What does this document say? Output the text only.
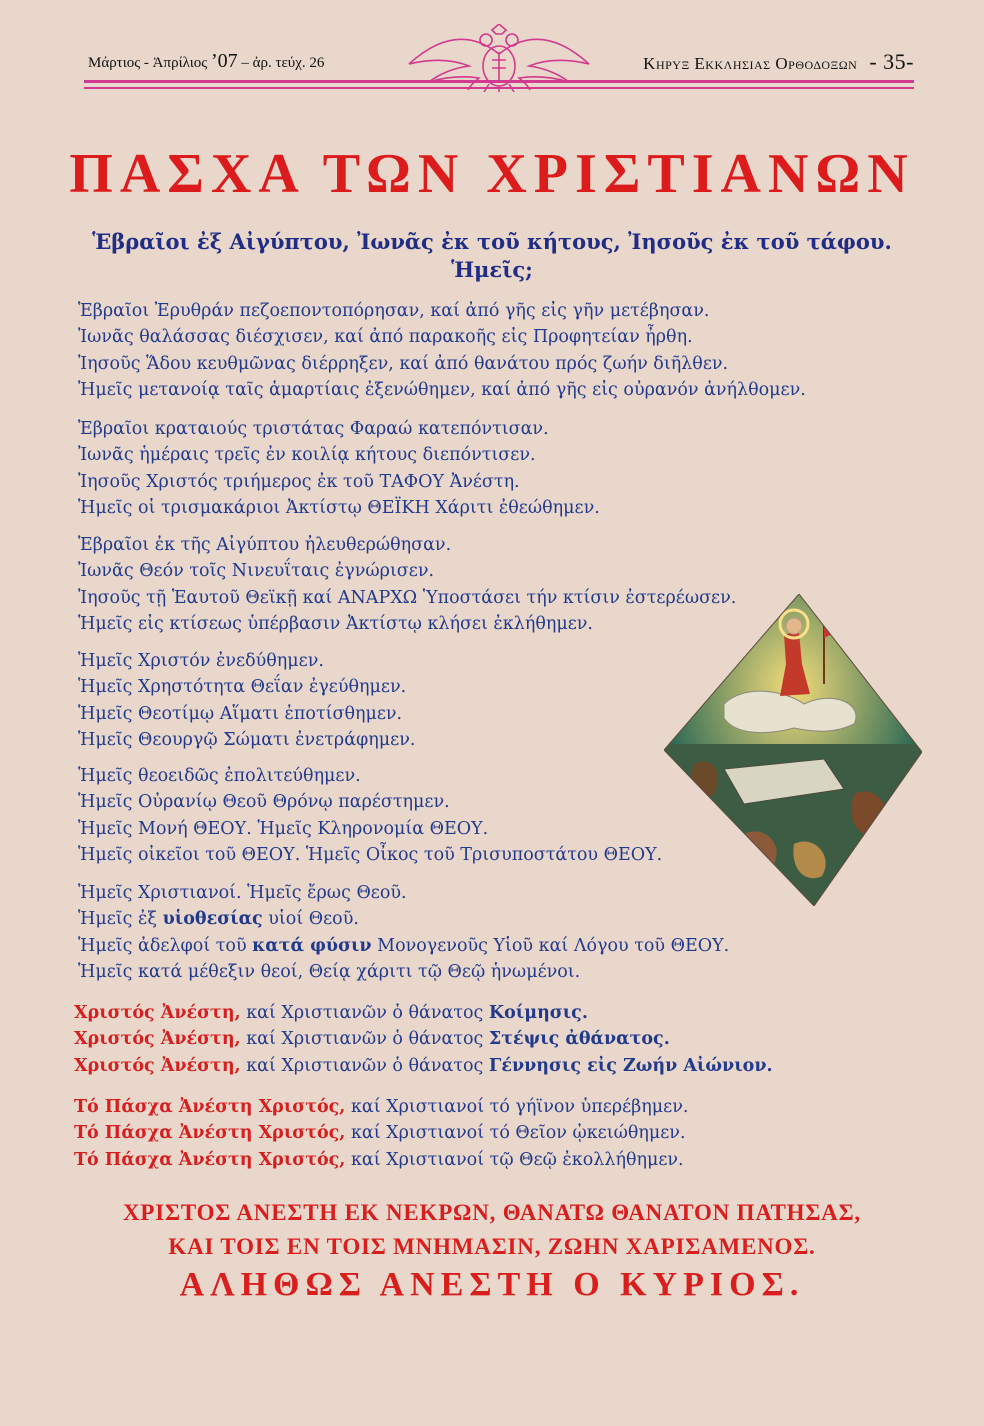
Μάρτιος - Ἀπρίλιος ’07 – ἀρ. τεύχ. 26	Κηρυξ Εκκλησιας Ορθοδοξων - 35-
ΠΑΣΧΑ ΤΩΝ ΧΡΙΣΤΙΑΝΩΝ
Ἑβραῖοι ἐξ Αἰγύπτου, Ἰωνᾶς ἐκ τοῦ κήτους, Ἰησοῦς ἐκ τοῦ τάφου.
Ἡμεῖς;
Ἑβραῖοι Ἐρυθράν πεζοεποντοπόρησαν, καί ἀπό γῆς εἰς γῆν μετέβησαν.
Ἰωνᾶς θαλάσσας διέσχισεν, καί ἀπό παρακοῆς εἰς Προφητείαν ἦρθη.
Ἰησοῦς Ἅδου κευθμῶνας διέρρηξεν, καί ἀπό θανάτου πρός ζωήν διῆλθεν.
Ἡμεῖς μετανοίᾳ ταῖς ἁμαρτίαις ἐξενώθημεν, καί ἀπό γῆς εἰς οὐρανόν ἀνήλθομεν.
Ἑβραῖοι κραταιούς τριστάτας Φαραώ κατεπόντισαν.
Ἰωνᾶς ἡμέραις τρεῖς ἐν κοιλίᾳ κήτους διεπόντισεν.
Ἰησοῦς Χριστός τριήμερος ἐκ τοῦ ΤΑΦΟΥ Ἀνέστη.
Ἡμεῖς οἱ τρισμακάριοι Ἀκτίστῳ ΘΕΪΚΗ Χάριτι ἐθεώθημεν.
Ἑβραῖοι ἐκ τῆς Αἰγύπτου ἠλευθερώθησαν.
Ἰωνᾶς Θεόν τοῖς Νινευΐταις ἐγνώρισεν.
Ἰησοῦς τῇ Ἑαυτοῦ Θεϊκῇ καί ΑΝΑΡΧΩ Ὑποστάσει τήν κτίσιν ἐστερέωσεν.
Ἡμεῖς εἰς κτίσεως ὑπέρβασιν Ἀκτίστῳ κλήσει ἐκλήθημεν.
Ἡμεῖς Χριστόν ἐνεδύθημεν.
Ἡμεῖς Χρηστότητα Θεΐαν ἐγεύθημεν.
Ἡμεῖς Θεοτίμῳ Αἵματι ἐποτίσθημεν.
Ἡμεῖς Θεουργῷ Σώματι ἐνετράφημεν.
Ἡμεῖς θεοειδῶς ἐπολιτεύθημεν.
Ἡμεῖς Οὐρανίῳ Θεοῦ Θρόνῳ παρέστημεν.
Ἡμεῖς Μονή ΘΕΟΥ. Ἡμεῖς Κληρονομία ΘΕΟΥ.
Ἡμεῖς οἰκεῖοι τοῦ ΘΕΟΥ. Ἡμεῖς Οἶκος τοῦ Τρισυποστάτου ΘΕΟΥ.
Ἡμεῖς Χριστιανοί. Ἡμεῖς ἔρως Θεοῦ.
Ἡμεῖς ἐξ υἱοθεσίας υἱοί Θεοῦ.
Ἡμεῖς ἀδελφοί τοῦ κατά φύσιν Μονογενοῦς Υἱοῦ καί Λόγου τοῦ ΘΕΟΥ.
Ἡμεῖς κατά μέθεξιν θεοί, Θείᾳ χάριτι τῷ Θεῷ ἡνωμένοι.
Χριστός Ἀνέστη, καί Χριστιανῶν ὁ θάνατος Κοίμησις.
Χριστός Ἀνέστη, καί Χριστιανῶν ὁ θάνατος Στέψις ἀθάνατος.
Χριστός Ἀνέστη, καί Χριστιανῶν ὁ θάνατος Γέννησις εἰς Ζωήν Αἰώνιον.
Τό Πάσχα Ἀνέστη Χριστός, καί Χριστιανοί τό γήϊνον ὑπερέβημεν.
Τό Πάσχα Ἀνέστη Χριστός, καί Χριστιανοί τό Θεῖον ᾠκειώθημεν.
Τό Πάσχα Ἀνέστη Χριστός, καί Χριστιανοί τῷ Θεῷ ἐκολλήθημεν.
ΧΡΙΣΤΟΣ ΑΝΕΣΤΗ ΕΚ ΝΕΚΡΩΝ, ΘΑΝΑΤΩ ΘΑΝΑΤΟΝ ΠΑΤΗΣΑΣ,
ΚΑΙ ΤΟΙΣ ΕΝ ΤΟΙΣ ΜΝΗΜΑΣΙΝ, ΖΩΗΝ ΧΑΡΙΣΑΜΕΝΟΣ.
ΑΛΗΘΩΣ ΑΝΕΣΤΗ Ο ΚΥΡΙΟΣ.
